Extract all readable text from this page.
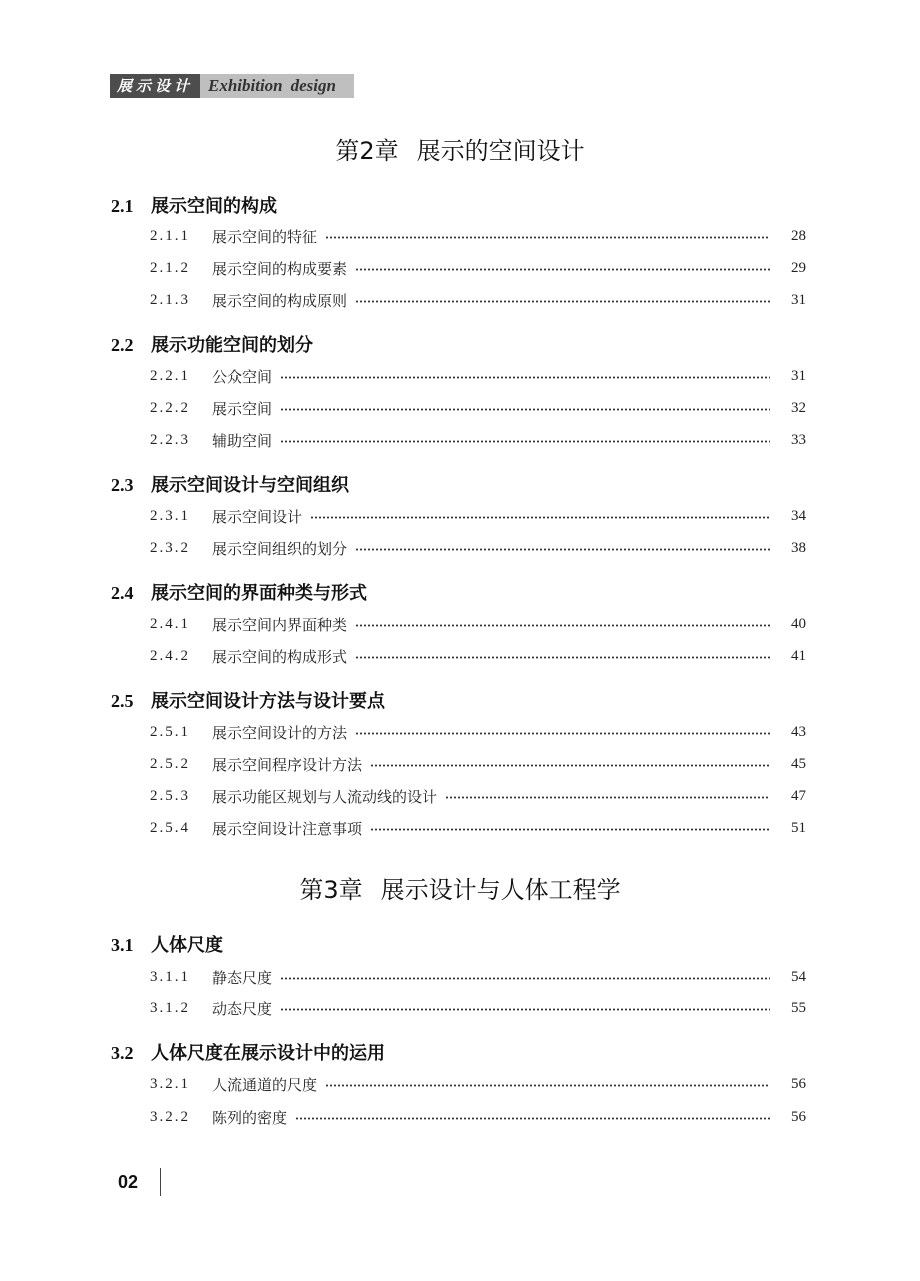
展示设计 Exhibition design
第2章 展示的空间设计
2.1 展示空间的构成
2.1.1	展示空间的特征	28
2.1.2	展示空间的构成要素	29
2.1.3	展示空间的构成原则	31
2.2 展示功能空间的划分
2.2.1	公众空间	31
2.2.2	展示空间	32
2.2.3	辅助空间	33
2.3 展示空间设计与空间组织
2.3.1	展示空间设计	34
2.3.2	展示空间组织的划分	38
2.4 展示空间的界面种类与形式
2.4.1	展示空间内界面种类	40
2.4.2	展示空间的构成形式	41
2.5 展示空间设计方法与设计要点
2.5.1	展示空间设计的方法	43
2.5.2	展示空间程序设计方法	45
2.5.3	展示功能区规划与人流动线的设计	47
2.5.4	展示空间设计注意事项	51
第3章 展示设计与人体工程学
3.1 人体尺度
3.1.1	静态尺度	54
3.1.2	动态尺度	55
3.2 人体尺度在展示设计中的运用
3.2.1	人流通道的尺度	56
3.2.2	陈列的密度	56
02
